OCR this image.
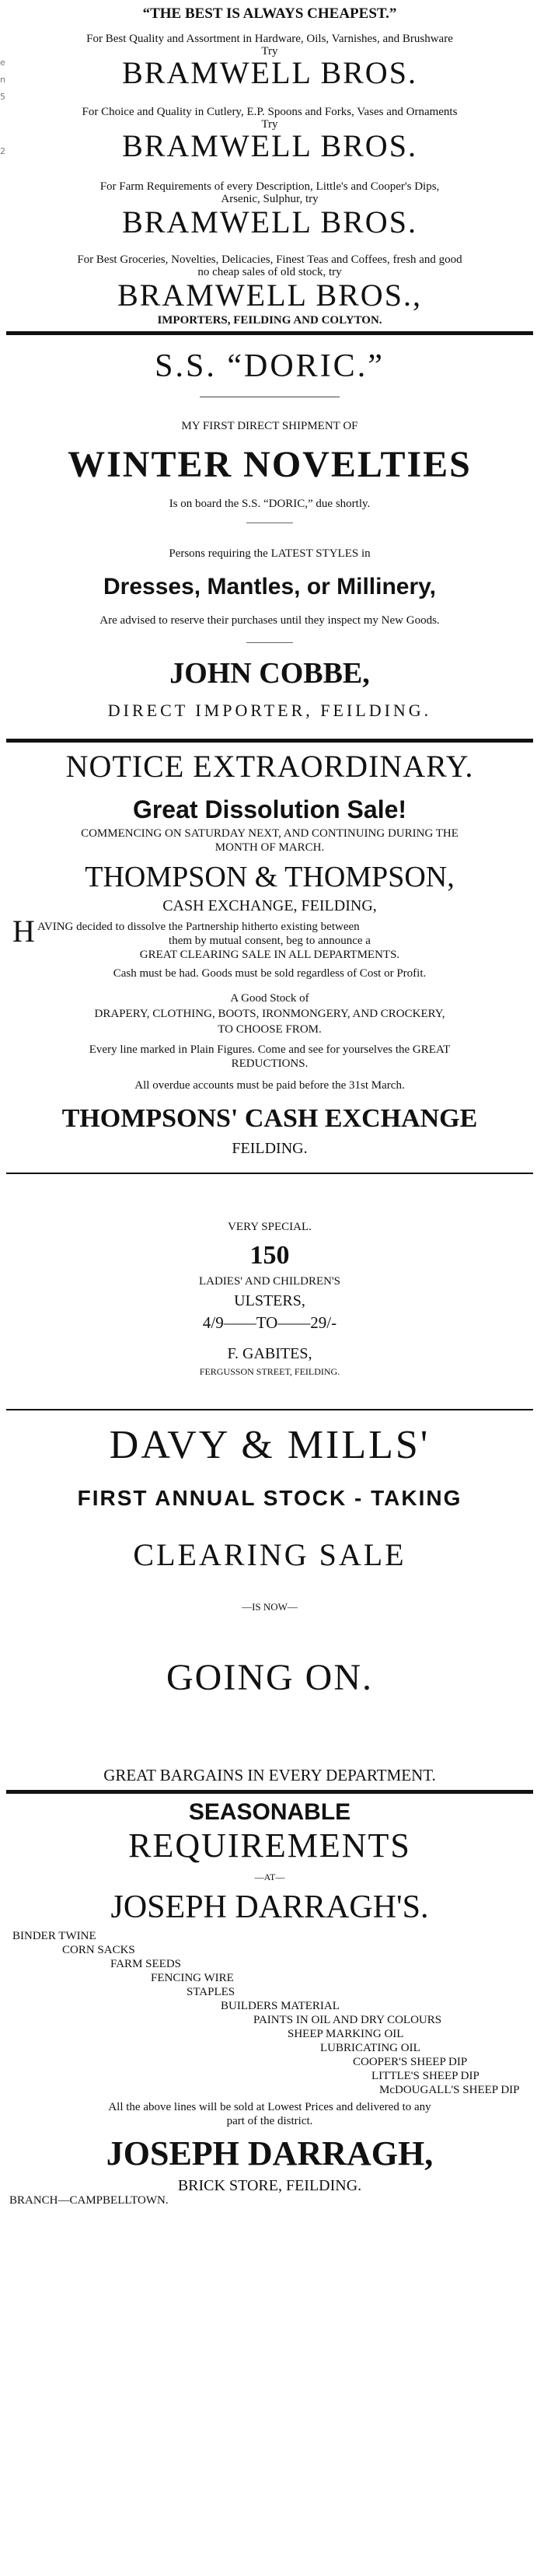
e
n
5
2
“THE BEST IS ALWAYS CHEAPEST.”
For Best Quality and Assortment in Hardware, Oils, Varnishes, and Brushware
Try
BRAMWELL BROS.
For Choice and Quality in Cutlery, E.P. Spoons and Forks, Vases and Ornaments
Try
BRAMWELL BROS.
For Farm Requirements of every Description, Little's and Cooper's Dips,
Arsenic, Sulphur, try
BRAMWELL BROS.
For Best Groceries, Novelties, Delicacies, Finest Teas and Coffees, fresh and good
no cheap sales of old stock, try
BRAMWELL BROS.,
IMPORTERS, FEILDING AND COLYTON.
S.S. “DORIC.”
MY FIRST DIRECT SHIPMENT OF
WINTER NOVELTIES
Is on board the S.S. “DORIC,” due shortly.
Persons requiring the LATEST STYLES in
Dresses, Mantles, or Millinery,
Are advised to reserve their purchases until they inspect my New Goods.
JOHN COBBE,
DIRECT IMPORTER, FEILDING.
NOTICE EXTRAORDINARY.
Great Dissolution Sale!
COMMENCING ON SATURDAY NEXT, AND CONTINUING DURING THE
MONTH OF MARCH.
THOMPSON & THOMPSON,
CASH EXCHANGE, FEILDING,
H AVING decided to dissolve the Partnership hitherto existing between
them by mutual consent, beg to announce a
GREAT CLEARING SALE IN ALL DEPARTMENTS.
Cash must be had. Goods must be sold regardless of Cost or Profit.
A Good Stock of
DRAPERY, CLOTHING, BOOTS, IRONMONGERY, AND CROCKERY,
TO CHOOSE FROM.
Every line marked in Plain Figures. Come and see for yourselves the GREAT
REDUCTIONS.
All overdue accounts must be paid before the 31st March.
THOMPSONS' CASH EXCHANGE
FEILDING.
VERY SPECIAL.
150
LADIES' AND CHILDREN'S
ULSTERS,
4/9——TO——29/-
F. GABITES,
FERGUSSON STREET, FEILDING.
DAVY & MILLS'
FIRST ANNUAL STOCK - TAKING
CLEARING SALE
—IS NOW—
GOING ON.
GREAT BARGAINS IN EVERY DEPARTMENT.
SEASONABLE
REQUIREMENTS
—AT—
JOSEPH DARRAGH'S.
BINDER TWINE
CORN SACKS
FARM SEEDS
FENCING WIRE
STAPLES
BUILDERS MATERIAL
PAINTS IN OIL AND DRY COLOURS
SHEEP MARKING OIL
LUBRICATING OIL
COOPER'S SHEEP DIP
LITTLE'S SHEEP DIP
McDOUGALL'S SHEEP DIP
All the above lines will be sold at Lowest Prices and delivered to any
part of the district.
JOSEPH DARRAGH,
BRICK STORE, FEILDING.
BRANCH—CAMPBELLTOWN.
